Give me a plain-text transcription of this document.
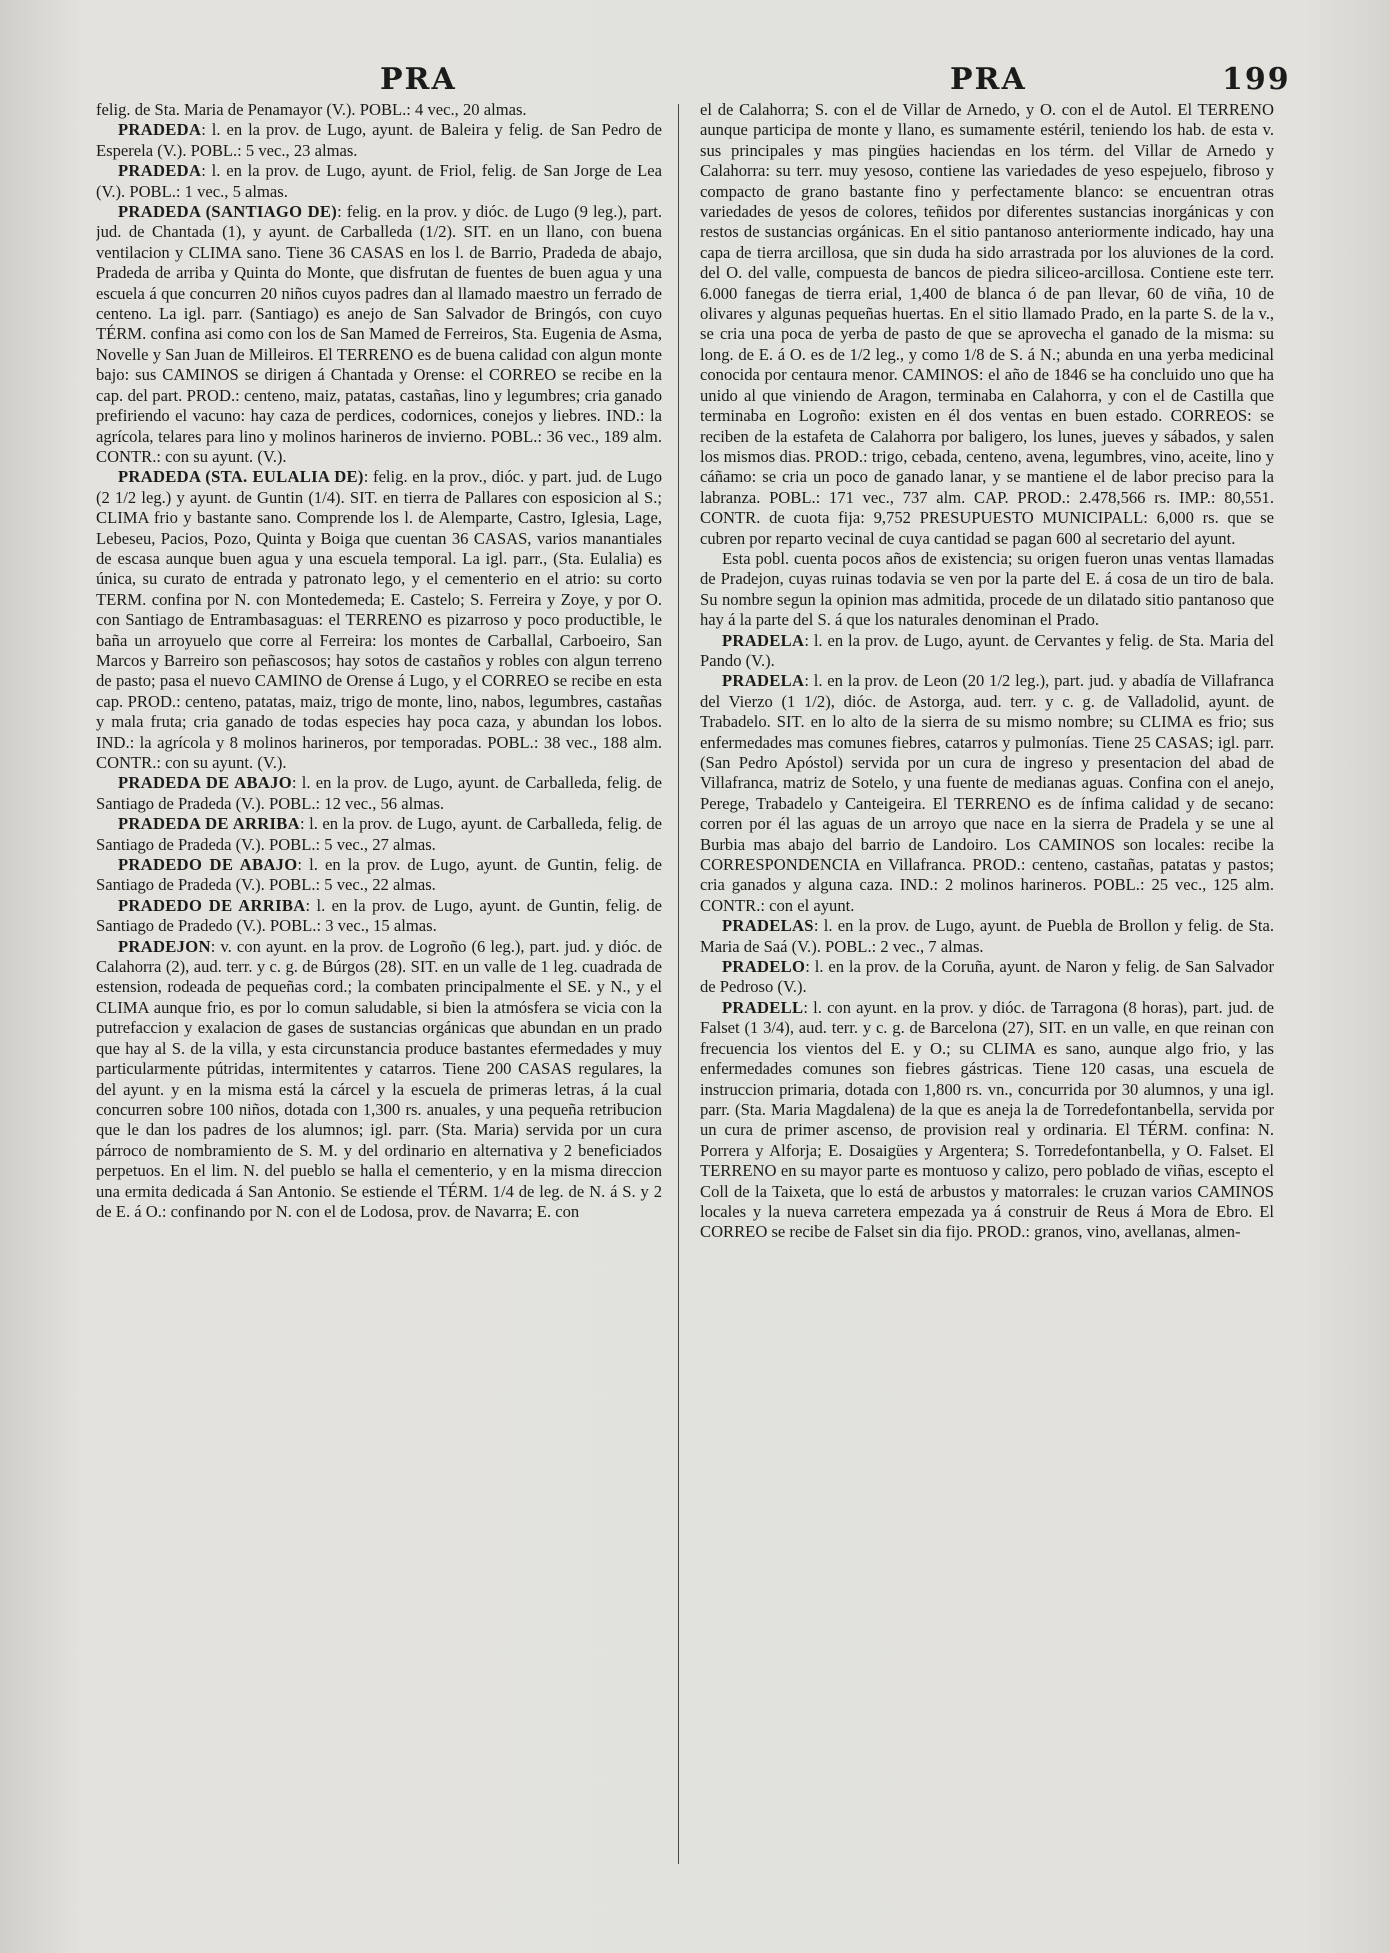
PRA	PRA	199

felig. de Sta. Maria de Penamayor (V.). POBL.: 4 vec., 20 almas.

PRADEDA: l. en la prov. de Lugo, ayunt. de Baleira y felig. de San Pedro de Esperela (V.). POBL.: 5 vec., 23 almas.

PRADEDA: l. en la prov. de Lugo, ayunt. de Friol, felig. de San Jorge de Lea (V.). POBL.: 1 vec., 5 almas.

PRADEDA (SANTIAGO DE): felig. en la prov. y dióc. de Lugo (9 leg.), part. jud. de Chantada (1), y ayunt. de Carballeda (1/2). SIT. en un llano, con buena ventilacion y CLIMA sano. Tiene 36 CASAS en los l. de Barrio, Pradeda de abajo, Pradeda de arriba y Quinta do Monte, que disfrutan de fuentes de buen agua y una escuela á que concurren 20 niños cuyos padres dan al llamado maestro un ferrado de centeno. La igl. parr. (Santiago) es anejo de San Salvador de Bringós, con cuyo TÉRM. confina asi como con los de San Mamed de Ferreiros, Sta. Eugenia de Asma, Novelle y San Juan de Milleiros. El TERRENO es de buena calidad con algun monte bajo: sus CAMINOS se dirigen á Chantada y Orense: el CORREO se recibe en la cap. del part. PROD.: centeno, maiz, patatas, castañas, lino y legumbres; cria ganado prefiriendo el vacuno: hay caza de perdices, codornices, conejos y liebres. IND.: la agrícola, telares para lino y molinos harineros de invierno. POBL.: 36 vec., 189 alm. CONTR.: con su ayunt. (V.).

PRADEDA (STA. EULALIA DE): felig. en la prov., dióc. y part. jud. de Lugo (2 1/2 leg.) y ayunt. de Guntin (1/4). SIT. en tierra de Pallares con esposicion al S.; CLIMA frio y bastante sano. Comprende los l. de Alemparte, Castro, Iglesia, Lage, Lebeseu, Pacios, Pozo, Quinta y Boiga que cuentan 36 CASAS, varios manantiales de escasa aunque buen agua y una escuela temporal. La igl. parr., (Sta. Eulalia) es única, su curato de entrada y patronato lego, y el cementerio en el atrio: su corto TERM. confina por N. con Montedemeda; E. Castelo; S. Ferreira y Zoye, y por O. con Santiago de Entrambasaguas: el TERRENO es pizarroso y poco productible, le baña un arroyuelo que corre al Ferreira: los montes de Carballal, Carboeiro, San Marcos y Barreiro son peñascosos; hay sotos de castaños y robles con algun terreno de pasto; pasa el nuevo CAMINO de Orense á Lugo, y el CORREO se recibe en esta cap. PROD.: centeno, patatas, maiz, trigo de monte, lino, nabos, legumbres, castañas y mala fruta; cria ganado de todas especies hay poca caza, y abundan los lobos. IND.: la agrícola y 8 molinos harineros, por temporadas. POBL.: 38 vec., 188 alm. CONTR.: con su ayunt. (V.).

PRADEDA DE ABAJO: l. en la prov. de Lugo, ayunt. de Carballeda, felig. de Santiago de Pradeda (V.). POBL.: 12 vec., 56 almas.

PRADEDA DE ARRIBA: l. en la prov. de Lugo, ayunt. de Carballeda, felig. de Santiago de Pradeda (V.). POBL.: 5 vec., 27 almas.

PRADEDO DE ABAJO: l. en la prov. de Lugo, ayunt. de Guntin, felig. de Santiago de Pradeda (V.). POBL.: 5 vec., 22 almas.

PRADEDO DE ARRIBA: l. en la prov. de Lugo, ayunt. de Guntin, felig. de Santiago de Pradedo (V.). POBL.: 3 vec., 15 almas.

PRADEJON: v. con ayunt. en la prov. de Logroño (6 leg.), part. jud. y dióc. de Calahorra (2), aud. terr. y c. g. de Búrgos (28). SIT. en un valle de 1 leg. cuadrada de estension, rodeada de pequeñas cord.; la combaten principalmente el SE. y N., y el CLIMA aunque frio, es por lo comun saludable, si bien la atmósfera se vicia con la putrefaccion y exalacion de gases de sustancias orgánicas que abundan en un prado que hay al S. de la villa, y esta circunstancia produce bastantes efermedades y muy particularmente pútridas, intermitentes y catarros. Tiene 200 CASAS regulares, la del ayunt. y en la misma está la cárcel y la escuela de primeras letras, á la cual concurren sobre 100 niños, dotada con 1,300 rs. anuales, y una pequeña retribucion que le dan los padres de los alumnos; igl. parr. (Sta. Maria) servida por un cura párroco de nombramiento de S. M. y del ordinario en alternativa y 2 beneficiados perpetuos. En el lim. N. del pueblo se halla el cementerio, y en la misma direccion una ermita dedicada á San Antonio. Se estiende el TÉRM. 1/4 de leg. de N. á S. y 2 de E. á O.: confinando por N. con el de Lodosa, prov. de Navarra; E. con

el de Calahorra; S. con el de Villar de Arnedo, y O. con el de Autol. El TERRENO aunque participa de monte y llano, es sumamente estéril, teniendo los hab. de esta v. sus principales y mas pingües haciendas en los térm. del Villar de Arnedo y Calahorra: su terr. muy yesoso, contiene las variedades de yeso espejuelo, fibroso y compacto de grano bastante fino y perfectamente blanco: se encuentran otras variedades de yesos de colores, teñidos por diferentes sustancias inorgánicas y con restos de sustancias orgánicas. En el sitio pantanoso anteriormente indicado, hay una capa de tierra arcillosa, que sin duda ha sido arrastrada por los aluviones de la cord. del O. del valle, compuesta de bancos de piedra siliceo-arcillosa. Contiene este terr. 6.000 fanegas de tierra erial, 1,400 de blanca ó de pan llevar, 60 de viña, 10 de olivares y algunas pequeñas huertas. En el sitio llamado Prado, en la parte S. de la v., se cria una poca de yerba de pasto de que se aprovecha el ganado de la misma: su long. de E. á O. es de 1/2 leg., y como 1/8 de S. á N.; abunda en una yerba medicinal conocida por centaura menor. CAMINOS: el año de 1846 se ha concluido uno que ha unido al que viniendo de Aragon, terminaba en Calahorra, y con el de Castilla que terminaba en Logroño: existen en él dos ventas en buen estado. CORREOS: se reciben de la estafeta de Calahorra por baligero, los lunes, jueves y sábados, y salen los mismos dias. PROD.: trigo, cebada, centeno, avena, legumbres, vino, aceite, lino y cáñamo: se cria un poco de ganado lanar, y se mantiene el de labor preciso para la labranza. POBL.: 171 vec., 737 alm. CAP. PROD.: 2.478,566 rs. IMP.: 80,551. CONTR. de cuota fija: 9,752 PRESUPUESTO MUNICIPALL: 6,000 rs. que se cubren por reparto vecinal de cuya cantidad se pagan 600 al secretario del ayunt.

Esta pobl. cuenta pocos años de existencia; su origen fueron unas ventas llamadas de Pradejon, cuyas ruinas todavia se ven por la parte del E. á cosa de un tiro de bala. Su nombre segun la opinion mas admitida, procede de un dilatado sitio pantanoso que hay á la parte del S. á que los naturales denominan el Prado.

PRADELA: l. en la prov. de Lugo, ayunt. de Cervantes y felig. de Sta. Maria del Pando (V.).

PRADELA: l. en la prov. de Leon (20 1/2 leg.), part. jud. y abadía de Villafranca del Vierzo (1 1/2), dióc. de Astorga, aud. terr. y c. g. de Valladolid, ayunt. de Trabadelo. SIT. en lo alto de la sierra de su mismo nombre; su CLIMA es frio; sus enfermedades mas comunes fiebres, catarros y pulmonías. Tiene 25 CASAS; igl. parr. (San Pedro Apóstol) servida por un cura de ingreso y presentacion del abad de Villafranca, matriz de Sotelo, y una fuente de medianas aguas. Confina con el anejo, Perege, Trabadelo y Canteigeira. El TERRENO es de ínfima calidad y de secano: corren por él las aguas de un arroyo que nace en la sierra de Pradela y se une al Burbia mas abajo del barrio de Landoiro. Los CAMINOS son locales: recibe la CORRESPONDENCIA en Villafranca. PROD.: centeno, castañas, patatas y pastos; cria ganados y alguna caza. IND.: 2 molinos harineros. POBL.: 25 vec., 125 alm. CONTR.: con el ayunt.

PRADELAS: l. en la prov. de Lugo, ayunt. de Puebla de Brollon y felig. de Sta. Maria de Saá (V.). POBL.: 2 vec., 7 almas.

PRADELO: l. en la prov. de la Coruña, ayunt. de Naron y felig. de San Salvador de Pedroso (V.).

PRADELL: l. con ayunt. en la prov. y dióc. de Tarragona (8 horas), part. jud. de Falset (1 3/4), aud. terr. y c. g. de Barcelona (27), SIT. en un valle, en que reinan con frecuencia los vientos del E. y O.; su CLIMA es sano, aunque algo frio, y las enfermedades comunes son fiebres gástricas. Tiene 120 casas, una escuela de instruccion primaria, dotada con 1,800 rs. vn., concurrida por 30 alumnos, y una igl. parr. (Sta. Maria Magdalena) de la que es aneja la de Torredefontanbella, servida por un cura de primer ascenso, de provision real y ordinaria. El TÉRM. confina: N. Porrera y Alforja; E. Dosaigües y Argentera; S. Torredefontanbella, y O. Falset. El TERRENO en su mayor parte es montuoso y calizo, pero poblado de viñas, esceptо el Coll de la Taixeta, que lo está de arbustos y matorrales: le cruzan varios CAMINOS locales y la nueva carretera empezada ya á construir de Reus á Mora de Ebro. El CORREO se recibe de Falset sin dia fijo. PROD.: granos, vino, avellanas, almen-
